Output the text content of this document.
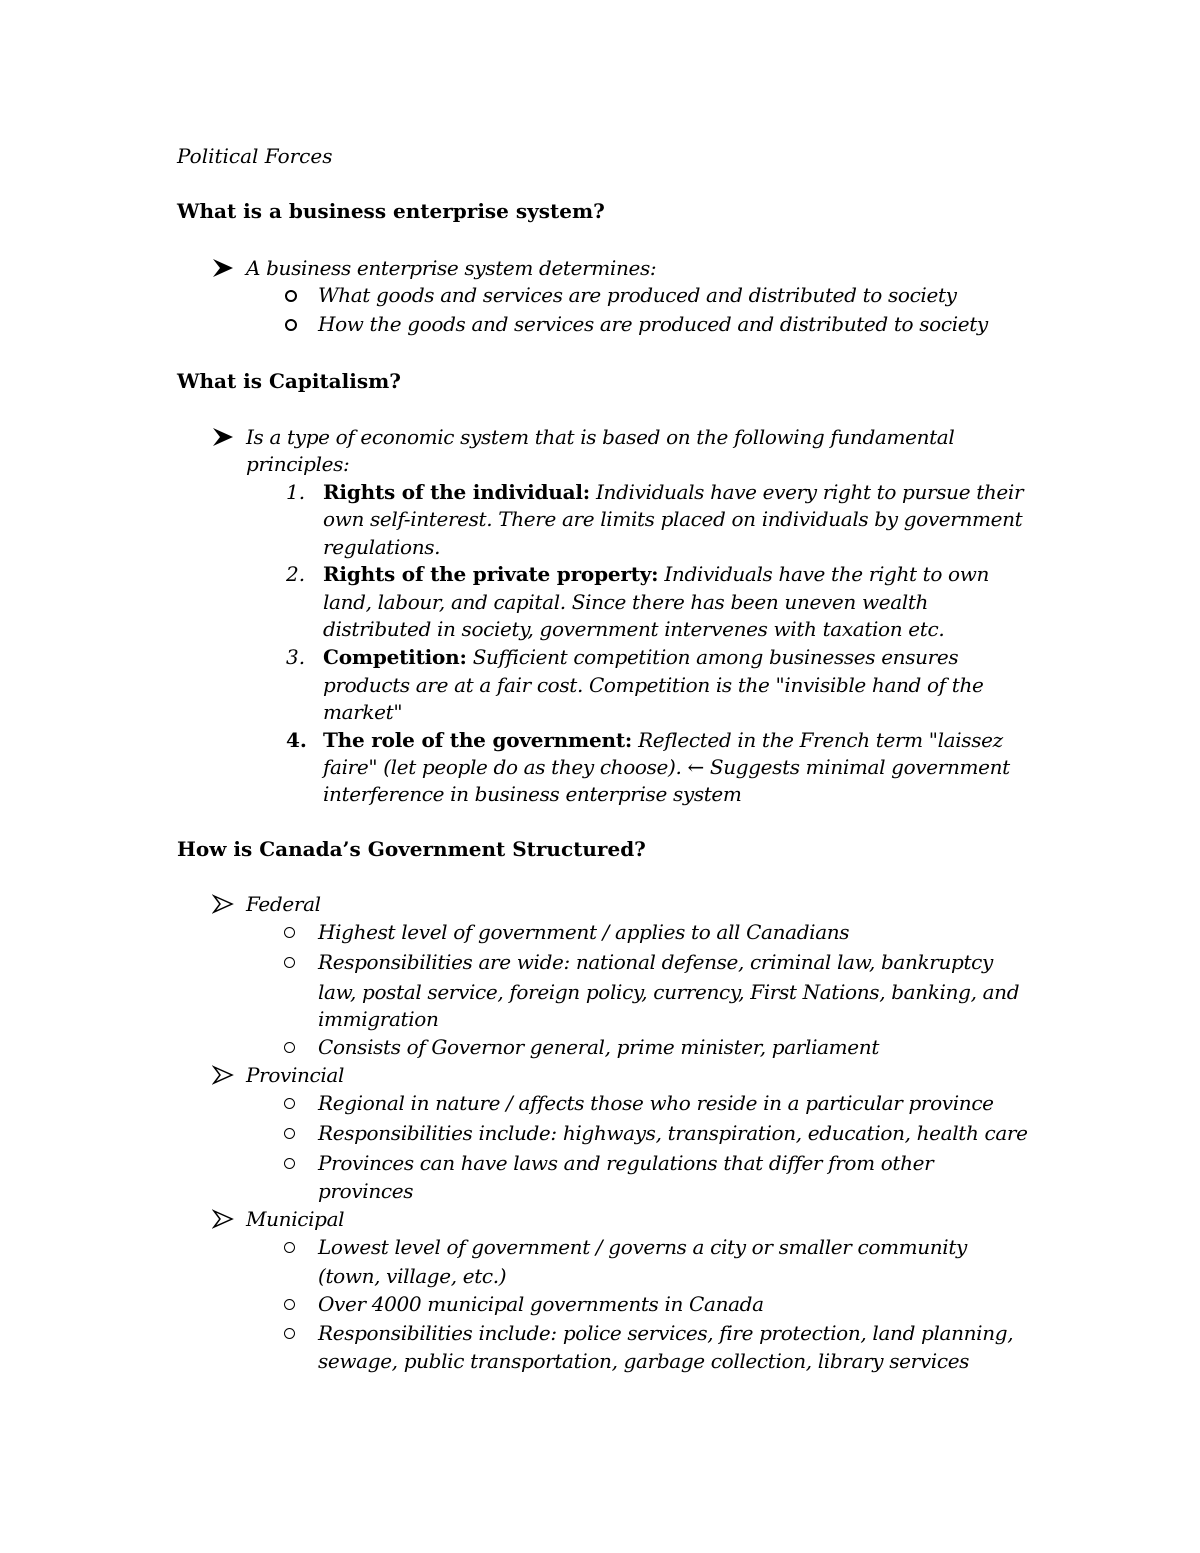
Political Forces
What is a business enterprise system?
A business enterprise system determines:
What goods and services are produced and distributed to society
How the goods and services are produced and distributed to society
What is Capitalism?
Is a type of economic system that is based on the following fundamental
principles:
1. Rights of the individual: Individuals have every right to pursue their
own self-interest. There are limits placed on individuals by government
regulations.
2. Rights of the private property: Individuals have the right to own
land, labour, and capital. Since there has been uneven wealth
distributed in society, government intervenes with taxation etc.
3. Competition: Sufficient competition among businesses ensures
products are at a fair cost. Competition is the "invisible hand of the
market"
4. The role of the government: Reflected in the French term "laissez
faire" (let people do as they choose). ← Suggests minimal government
interference in business enterprise system
How is Canada’s Government Structured?
Federal
Highest level of government / applies to all Canadians
Responsibilities are wide: national defense, criminal law, bankruptcy
law, postal service, foreign policy, currency, First Nations, banking, and
immigration
Consists of Governor general, prime minister, parliament
Provincial
Regional in nature / affects those who reside in a particular province
Responsibilities include: highways, transpiration, education, health care
Provinces can have laws and regulations that differ from other
provinces
Municipal
Lowest level of government / governs a city or smaller community
(town, village, etc.)
Over 4000 municipal governments in Canada
Responsibilities include: police services, fire protection, land planning,
sewage, public transportation, garbage collection, library services
